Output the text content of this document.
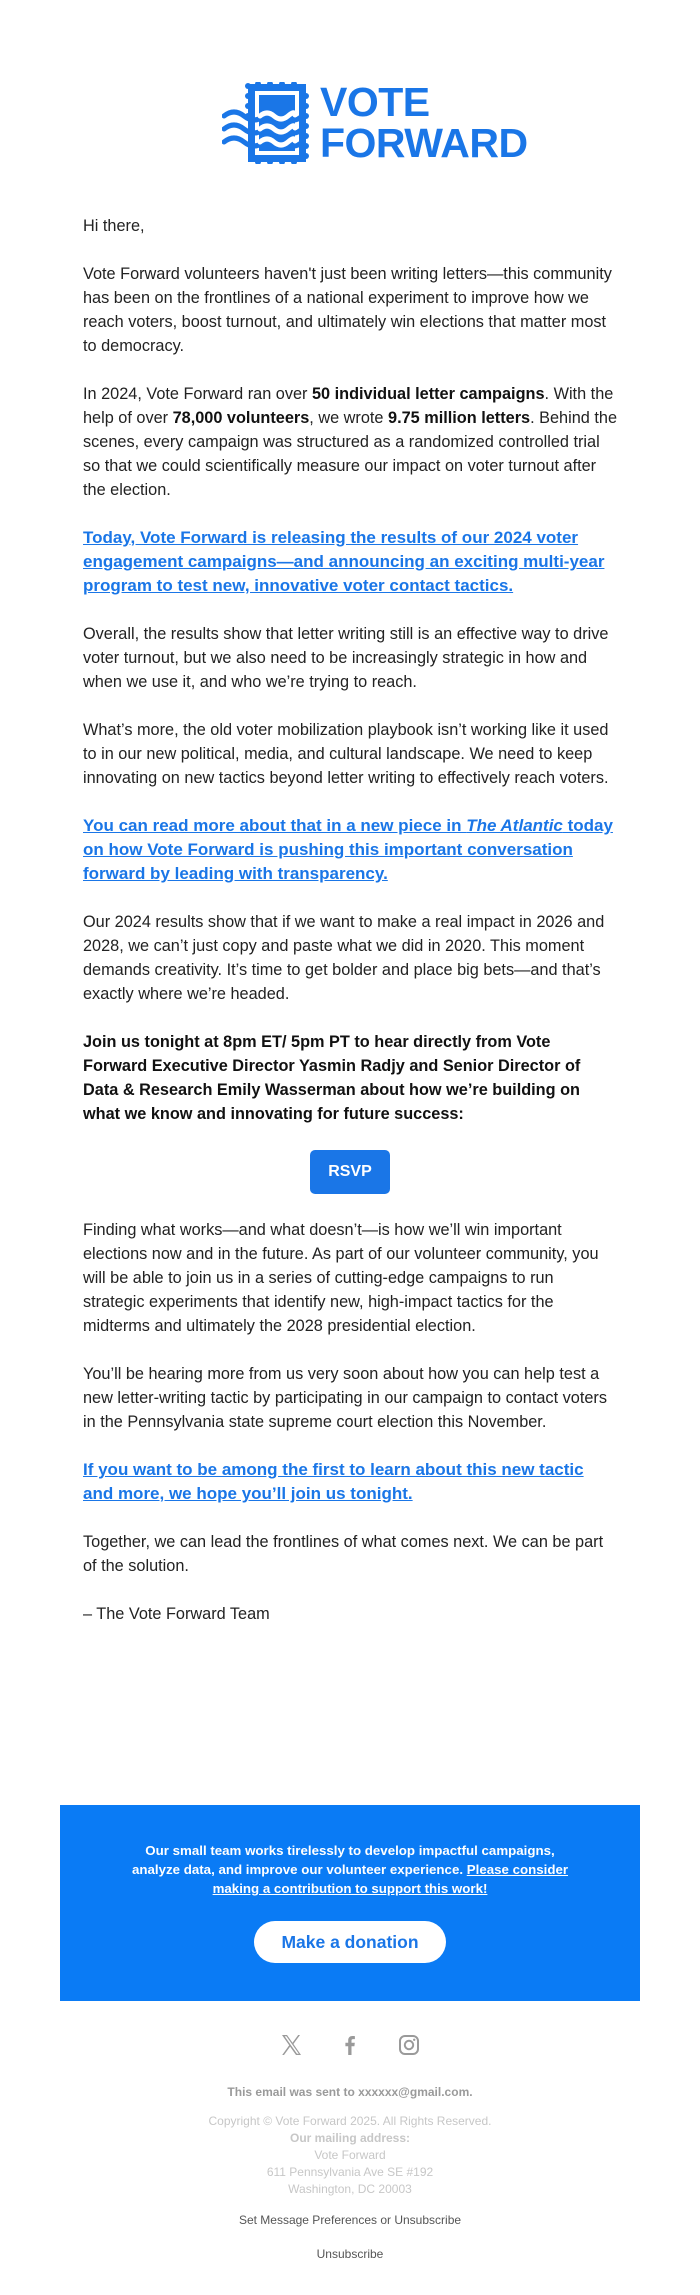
VOTE
FORWARD

Hi there,

Vote Forward volunteers haven't just been writing letters—this community has been on the frontlines of a national experiment to improve how we reach voters, boost turnout, and ultimately win elections that matter most to democracy.

In 2024, Vote Forward ran over 50 individual letter campaigns. With the help of over 78,000 volunteers, we wrote 9.75 million letters. Behind the scenes, every campaign was structured as a randomized controlled trial so that we could scientifically measure our impact on voter turnout after the election.

Today, Vote Forward is releasing the results of our 2024 voter engagement campaigns—and announcing an exciting multi-year program to test new, innovative voter contact tactics.

Overall, the results show that letter writing still is an effective way to drive voter turnout, but we also need to be increasingly strategic in how and when we use it, and who we’re trying to reach.

What’s more, the old voter mobilization playbook isn’t working like it used to in our new political, media, and cultural landscape. We need to keep innovating on new tactics beyond letter writing to effectively reach voters.

You can read more about that in a new piece in The Atlantic today on how Vote Forward is pushing this important conversation forward by leading with transparency.

Our 2024 results show that if we want to make a real impact in 2026 and 2028, we can’t just copy and paste what we did in 2020. This moment demands creativity. It’s time to get bolder and place big bets—and that’s exactly where we’re headed.

Join us tonight at 8pm ET/ 5pm PT to hear directly from Vote Forward Executive Director Yasmin Radjy and Senior Director of Data & Research Emily Wasserman about how we’re building on what we know and innovating for future success:

RSVP

Finding what works—and what doesn’t—is how we’ll win important elections now and in the future. As part of our volunteer community, you will be able to join us in a series of cutting-edge campaigns to run strategic experiments that identify new, high-impact tactics for the midterms and ultimately the 2028 presidential election.

You’ll be hearing more from us very soon about how you can help test a new letter-writing tactic by participating in our campaign to contact voters in the Pennsylvania state supreme court election this November.

If you want to be among the first to learn about this new tactic and more, we hope you’ll join us tonight.

Together, we can lead the frontlines of what comes next. We can be part of the solution.

– The Vote Forward Team

Our small team works tirelessly to develop impactful campaigns, analyze data, and improve our volunteer experience. Please consider making a contribution to support this work!
Make a donation
This email was sent to xxxxxx@gmail.com.
Copyright © Vote Forward 2025. All Rights Reserved.
Our mailing address:
Vote Forward
611 Pennsylvania Ave SE #192
Washington, DC 20003
Set Message Preferences or Unsubscribe
Unsubscribe
